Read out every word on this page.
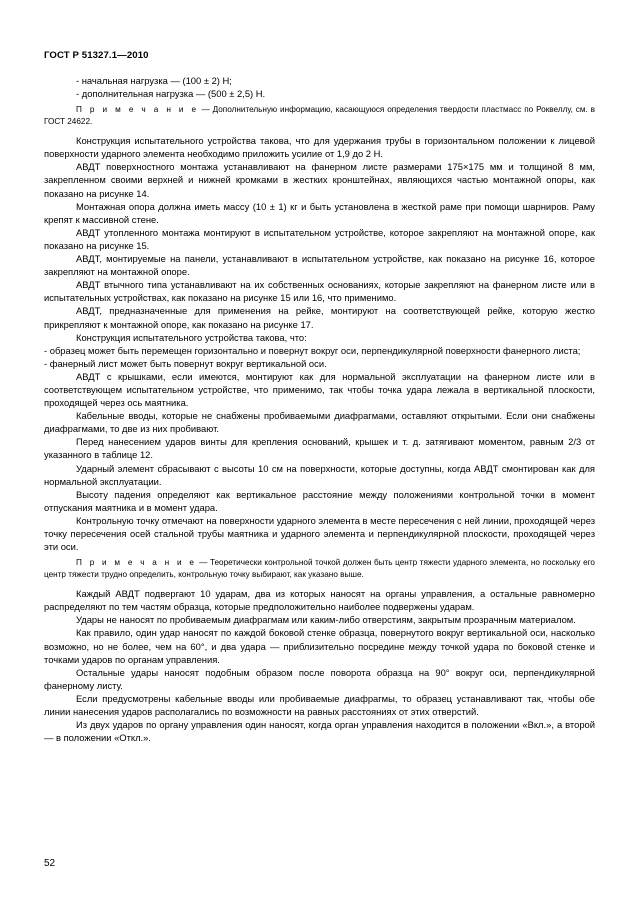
ГОСТ Р 51327.1—2010

- начальная нагрузка — (100 ± 2) Н;

- дополнительная нагрузка — (500 ± 2,5) Н.

П р и м е ч а н и е — Дополнительную информацию, касающуюся определения твердости пластмасс по Роквеллу, см. в ГОСТ 24622.

Конструкция испытательного устройства такова, что для удержания трубы в горизонтальном положении к лицевой поверхности ударного элемента необходимо приложить усилие от 1,9 до 2 Н.

АВДТ поверхностного монтажа устанавливают на фанерном листе размерами 175×175 мм и толщиной 8 мм, закрепленном своими верхней и нижней кромками в жестких кронштейнах, являющихся частью монтажной опоры, как показано на рисунке 14.

Монтажная опора должна иметь массу (10 ± 1) кг и быть установлена в жесткой раме при помощи шарниров. Раму крепят к массивной стене.

АВДТ утопленного монтажа монтируют в испытательном устройстве, которое закрепляют на монтажной опоре, как показано на рисунке 15.

АВДТ, монтируемые на панели, устанавливают в испытательном устройстве, как показано на рисунке 16, которое закрепляют на монтажной опоре.

АВДТ втычного типа устанавливают на их собственных основаниях, которые закрепляют на фанерном листе или в испытательных устройствах, как показано на рисунке 15 или 16, что применимо.

АВДТ, предназначенные для применения на рейке, монтируют на соответствующей рейке, которую жестко прикрепляют к монтажной опоре, как показано на рисунке 17.

Конструкция испытательного устройства такова, что:

- образец может быть перемещен горизонтально и повернут вокруг оси, перпендикулярной поверхности фанерного листа;

- фанерный лист может быть повернут вокруг вертикальной оси.

АВДТ с крышками, если имеются, монтируют как для нормальной эксплуатации на фанерном листе или в соответствующем испытательном устройстве, что применимо, так чтобы точка удара лежала в вертикальной плоскости, проходящей через ось маятника.

Кабельные вводы, которые не снабжены пробиваемыми диафрагмами, оставляют открытыми. Если они снабжены диафрагмами, то две из них пробивают.

Перед нанесением ударов винты для крепления оснований, крышек и т. д. затягивают моментом, равным 2/3 от указанного в таблице 12.

Ударный элемент сбрасывают с высоты 10 см на поверхности, которые доступны, когда АВДТ смонтирован как для нормальной эксплуатации.

Высоту падения определяют как вертикальное расстояние между положениями контрольной точки в момент отпускания маятника и в момент удара.

Контрольную точку отмечают на поверхности ударного элемента в месте пересечения с ней линии, проходящей через точку пересечения осей стальной трубы маятника и ударного элемента и перпендикулярной плоскости, проходящей через эти оси.

П р и м е ч а н и е — Теоретически контрольной точкой должен быть центр тяжести ударного элемента, но поскольку его центр тяжести трудно определить, контрольную точку выбирают, как указано выше.

Каждый АВДТ подвергают 10 ударам, два из которых наносят на органы управления, а остальные равномерно распределяют по тем частям образца, которые предположительно наиболее подвержены ударам.

Удары не наносят по пробиваемым диафрагмам или каким-либо отверстиям, закрытым прозрачным материалом.

Как правило, один удар наносят по каждой боковой стенке образца, повернутого вокруг вертикальной оси, насколько возможно, но не более, чем на 60°, и два удара — приблизительно посредине между точкой удара по боковой стенке и точками ударов по органам управления.

Остальные удары наносят подобным образом после поворота образца на 90° вокруг оси, перпендикулярной фанерному листу.

Если предусмотрены кабельные вводы или пробиваемые диафрагмы, то образец устанавливают так, чтобы обе линии нанесения ударов располагались по возможности на равных расстояниях от этих отверстий.

Из двух ударов по органу управления один наносят, когда орган управления находится в положении «Вкл.», а второй — в положении «Откл.».

52
